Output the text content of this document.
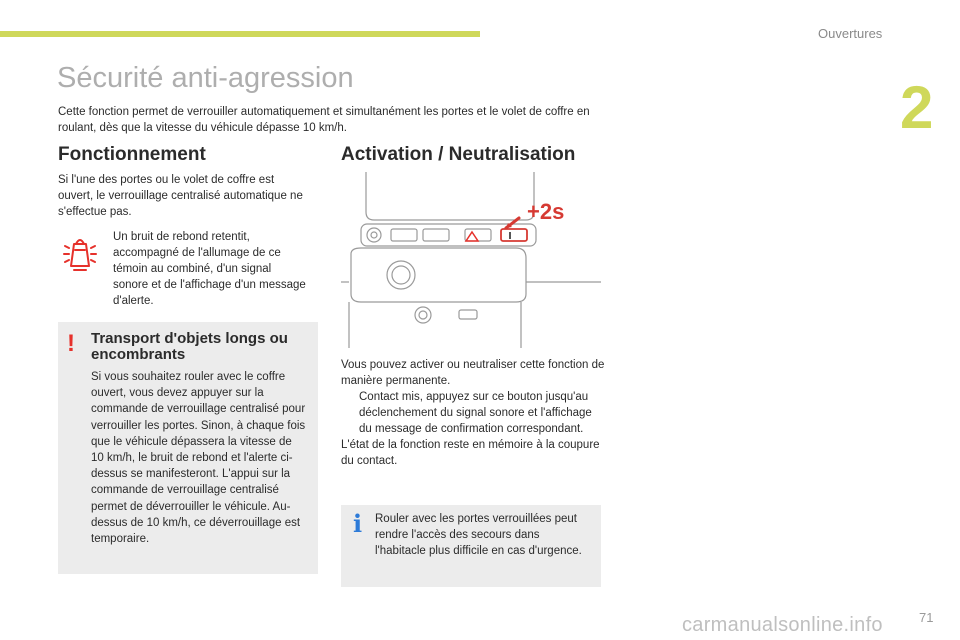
Ouvertures
2
Sécurité anti-agression

Cette fonction permet de verrouiller automatiquement et simultanément les portes et le volet de coffre en roulant, dès que la vitesse du véhicule dépasse 10 km/h.

Fonctionnement

Si l'une des portes ou le volet de coffre est ouvert, le verrouillage centralisé automatique ne s'effectue pas.

Un bruit de rebond retentit, accompagné de l'allumage de ce témoin au combiné, d'un signal sonore et de l'affichage d'un message d'alerte.

! Transport d'objets longs ou encombrants

Si vous souhaitez rouler avec le coffre ouvert, vous devez appuyer sur la commande de verrouillage centralisé pour verrouiller les portes. Sinon, à chaque fois que le véhicule dépassera la vitesse de 10 km/h, le bruit de rebond et l'alerte ci-dessus se manifesteront. L'appui sur la commande de verrouillage centralisé permet de déverrouiller le véhicule. Au-dessus de 10 km/h, ce déverrouillage est temporaire.

Activation / Neutralisation
+2s

Vous pouvez activer ou neutraliser cette fonction de manière permanente.

Contact mis, appuyez sur ce bouton jusqu'au déclenchement du signal sonore et l'affichage du message de confirmation correspondant.

L'état de la fonction reste en mémoire à la coupure du contact.

i Rouler avec les portes verrouillées peut rendre l'accès des secours dans l'habitacle plus difficile en cas d'urgence.

carmanualsonline.info	71
